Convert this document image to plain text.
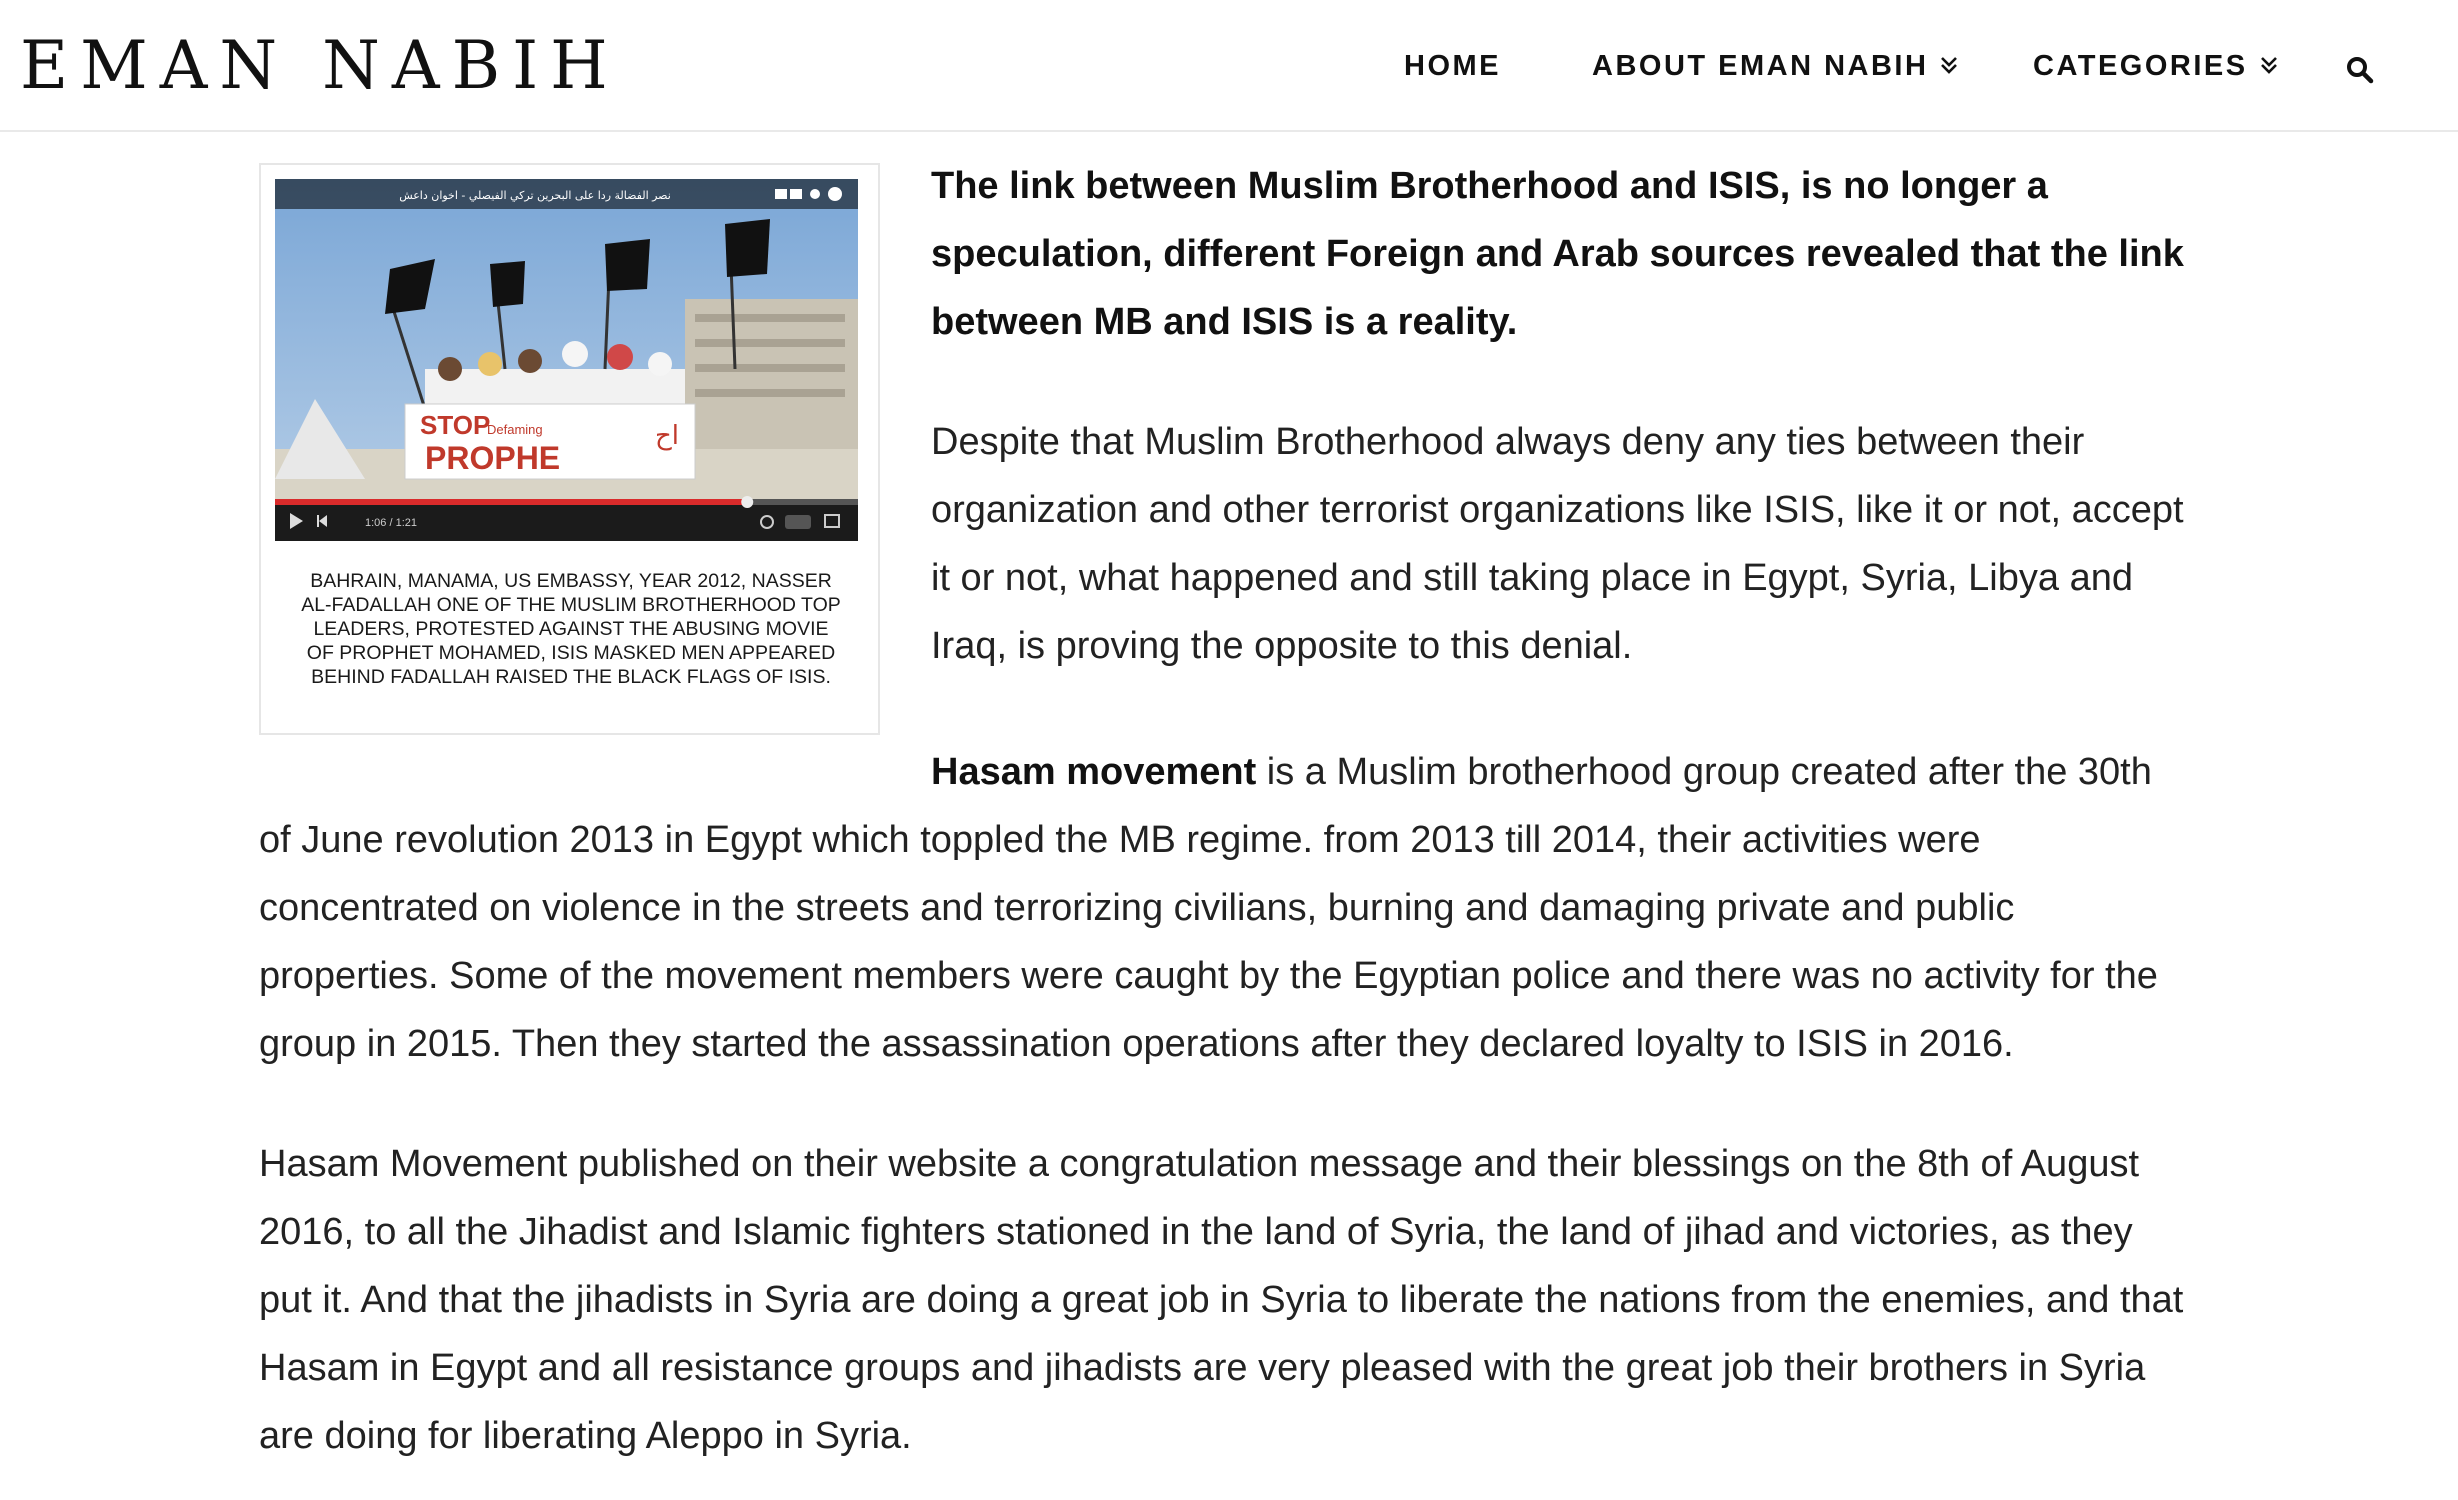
EMAN NABIH	HOME	ABOUT EMAN NABIH	CATEGORIES
STOP
Defaming
PROPHE
اح
نصر الفضالة ردا على البحرين تركي الفيصلي - اخوان داعش
1:06 / 1:21
BAHRAIN, MANAMA, US EMBASSY, YEAR 2012, NASSER AL-FADALLAH ONE OF THE MUSLIM BROTHERHOOD TOP LEADERS, PROTESTED AGAINST THE ABUSING MOVIE OF PROPHET MOHAMED, ISIS MASKED MEN APPEARED BEHIND FADALLAH RAISED THE BLACK FLAGS OF ISIS.

The link between Muslim Brotherhood and ISIS, is no longer a speculation, different Foreign and Arab sources revealed that the link between MB and ISIS is a reality.

Despite that Muslim Brotherhood always deny any ties between their organization and other terrorist organizations like ISIS, like it or not, accept it or not, what happened and still taking place in Egypt, Syria, Libya and Iraq, is proving the opposite to this denial.

Hasam movement is a Muslim brotherhood group created after the 30th of June revolution 2013 in Egypt which toppled the MB regime. from 2013 till 2014, their activities were concentrated on violence in the streets and terrorizing civilians, burning and damaging private and public properties. Some of the movement members were caught by the Egyptian police and there was no activity for the group in 2015. Then they started the assassination operations after they declared loyalty to ISIS in 2016.

Hasam Movement published on their website a congratulation message and their blessings on the 8th of August 2016, to all the Jihadist and Islamic fighters stationed in the land of Syria, the land of jihad and victories, as they put it. And that the jihadists in Syria are doing a great job in Syria to liberate the nations from the enemies, and that Hasam in Egypt and all resistance groups and jihadists are very pleased with the great job their brothers in Syria are doing for liberating Aleppo in Syria.
